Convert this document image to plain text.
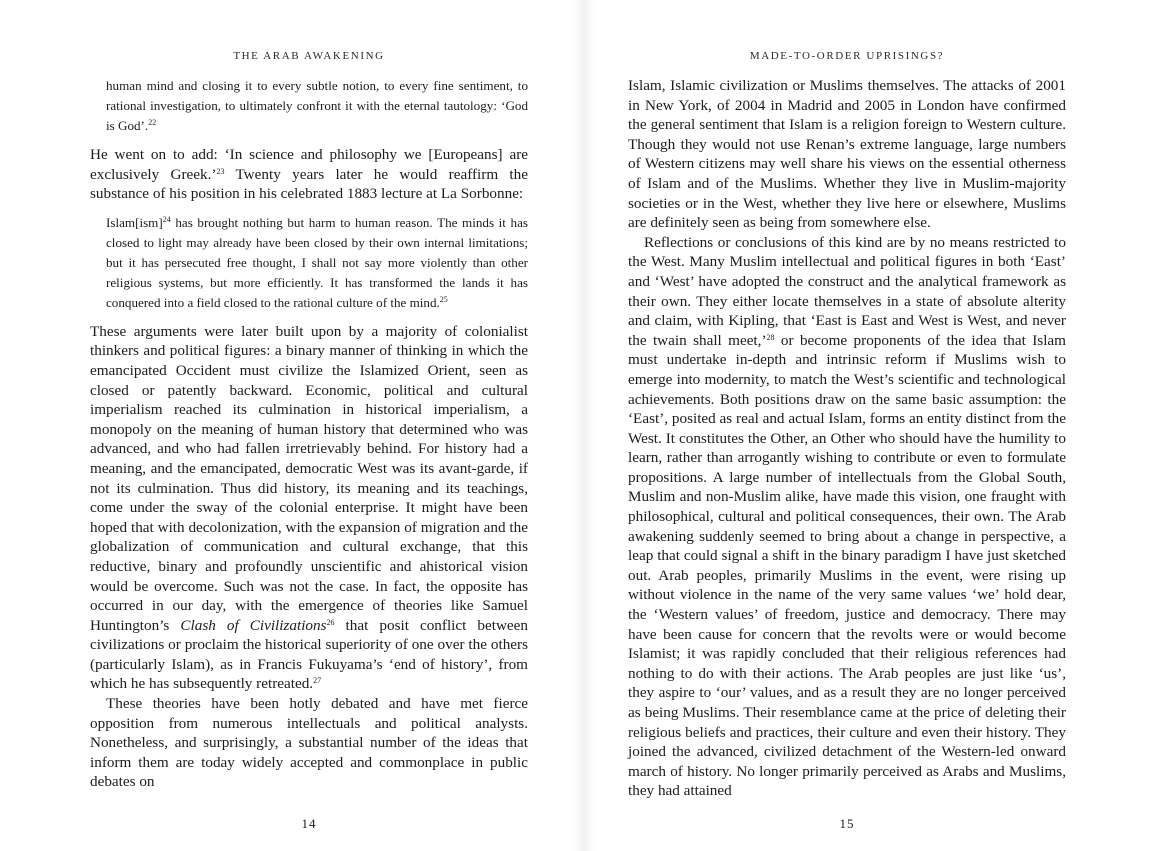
THE ARAB AWAKENING
human mind and closing it to every subtle notion, to every fine sentiment, to rational investigation, to ultimately confront it with the eternal tautology: ‘God is God’.$^{22}$

He went on to add: ‘In science and philosophy we [Europeans] are exclusively Greek.’$^{23}$ Twenty years later he would reaffirm the substance of his position in his celebrated 1883 lecture at La Sorbonne:

Islam[ism]$^{24}$ has brought nothing but harm to human reason. The minds it has closed to light may already have been closed by their own internal limitations; but it has persecuted free thought, I shall not say more violently than other religious systems, but more efficiently. It has transformed the lands it has conquered into a field closed to the rational culture of the mind.$^{25}$

These arguments were later built upon by a majority of colonialist thinkers and political figures: a binary manner of thinking in which the emancipated Occident must civilize the Islamized Orient, seen as closed or patently backward. Economic, political and cultural imperialism reached its culmination in historical imperialism, a monopoly on the meaning of human history that determined who was advanced, and who had fallen irretrievably behind. For history had a meaning, and the emancipated, democratic West was its avant-garde, if not its culmination. Thus did history, its meaning and its teachings, come under the sway of the colonial enterprise. It might have been hoped that with decolonization, with the expansion of migration and the globalization of communication and cultural exchange, that this reductive, binary and profoundly unscientific and ahistorical vision would be overcome. Such was not the case. In fact, the opposite has occurred in our day, with the emergence of theories like Samuel Huntington’s Clash of Civilizations$^{26}$ that posit conflict between civilizations or proclaim the historical superiority of one over the others (particularly Islam), as in Francis Fukuyama’s ‘end of history’, from which he has subsequently retreated.$^{27}$

These theories have been hotly debated and have met fierce opposition from numerous intellectuals and political analysts. Nonetheless, and surprisingly, a substantial number of the ideas that inform them are today widely accepted and commonplace in public debates on

14
MADE-TO-ORDER UPRISINGS?

Islam, Islamic civilization or Muslims themselves. The attacks of 2001 in New York, of 2004 in Madrid and 2005 in London have confirmed the general sentiment that Islam is a religion foreign to Western culture. Though they would not use Renan’s extreme language, large numbers of Western citizens may well share his views on the essential otherness of Islam and of the Muslims. Whether they live in Muslim-majority societies or in the West, whether they live here or elsewhere, Muslims are definitely seen as being from somewhere else.

Reflections or conclusions of this kind are by no means restricted to the West. Many Muslim intellectual and political figures in both ‘East’ and ‘West’ have adopted the construct and the analytical framework as their own. They either locate themselves in a state of absolute alterity and claim, with Kipling, that ‘East is East and West is West, and never the twain shall meet,’$^{28}$ or become proponents of the idea that Islam must undertake in-depth and intrinsic reform if Muslims wish to emerge into modernity, to match the West’s scientific and technological achievements. Both positions draw on the same basic assumption: the ‘East’, posited as real and actual Islam, forms an entity distinct from the West. It constitutes the Other, an Other who should have the humility to learn, rather than arrogantly wishing to contribute or even to formulate propositions. A large number of intellectuals from the Global South, Muslim and non-Muslim alike, have made this vision, one fraught with philosophical, cultural and political consequences, their own. The Arab awakening suddenly seemed to bring about a change in perspective, a leap that could signal a shift in the binary paradigm I have just sketched out. Arab peoples, primarily Muslims in the event, were rising up without violence in the name of the very same values ‘we’ hold dear, the ‘Western values’ of freedom, justice and democracy. There may have been cause for concern that the revolts were or would become Islamist; it was rapidly concluded that their religious references had nothing to do with their actions. The Arab peoples are just like ‘us’, they aspire to ‘our’ values, and as a result they are no longer perceived as being Muslims. Their resemblance came at the price of deleting their religious beliefs and practices, their culture and even their history. They joined the advanced, civilized detachment of the Western-led onward march of history. No longer primarily perceived as Arabs and Muslims, they had attained

15
